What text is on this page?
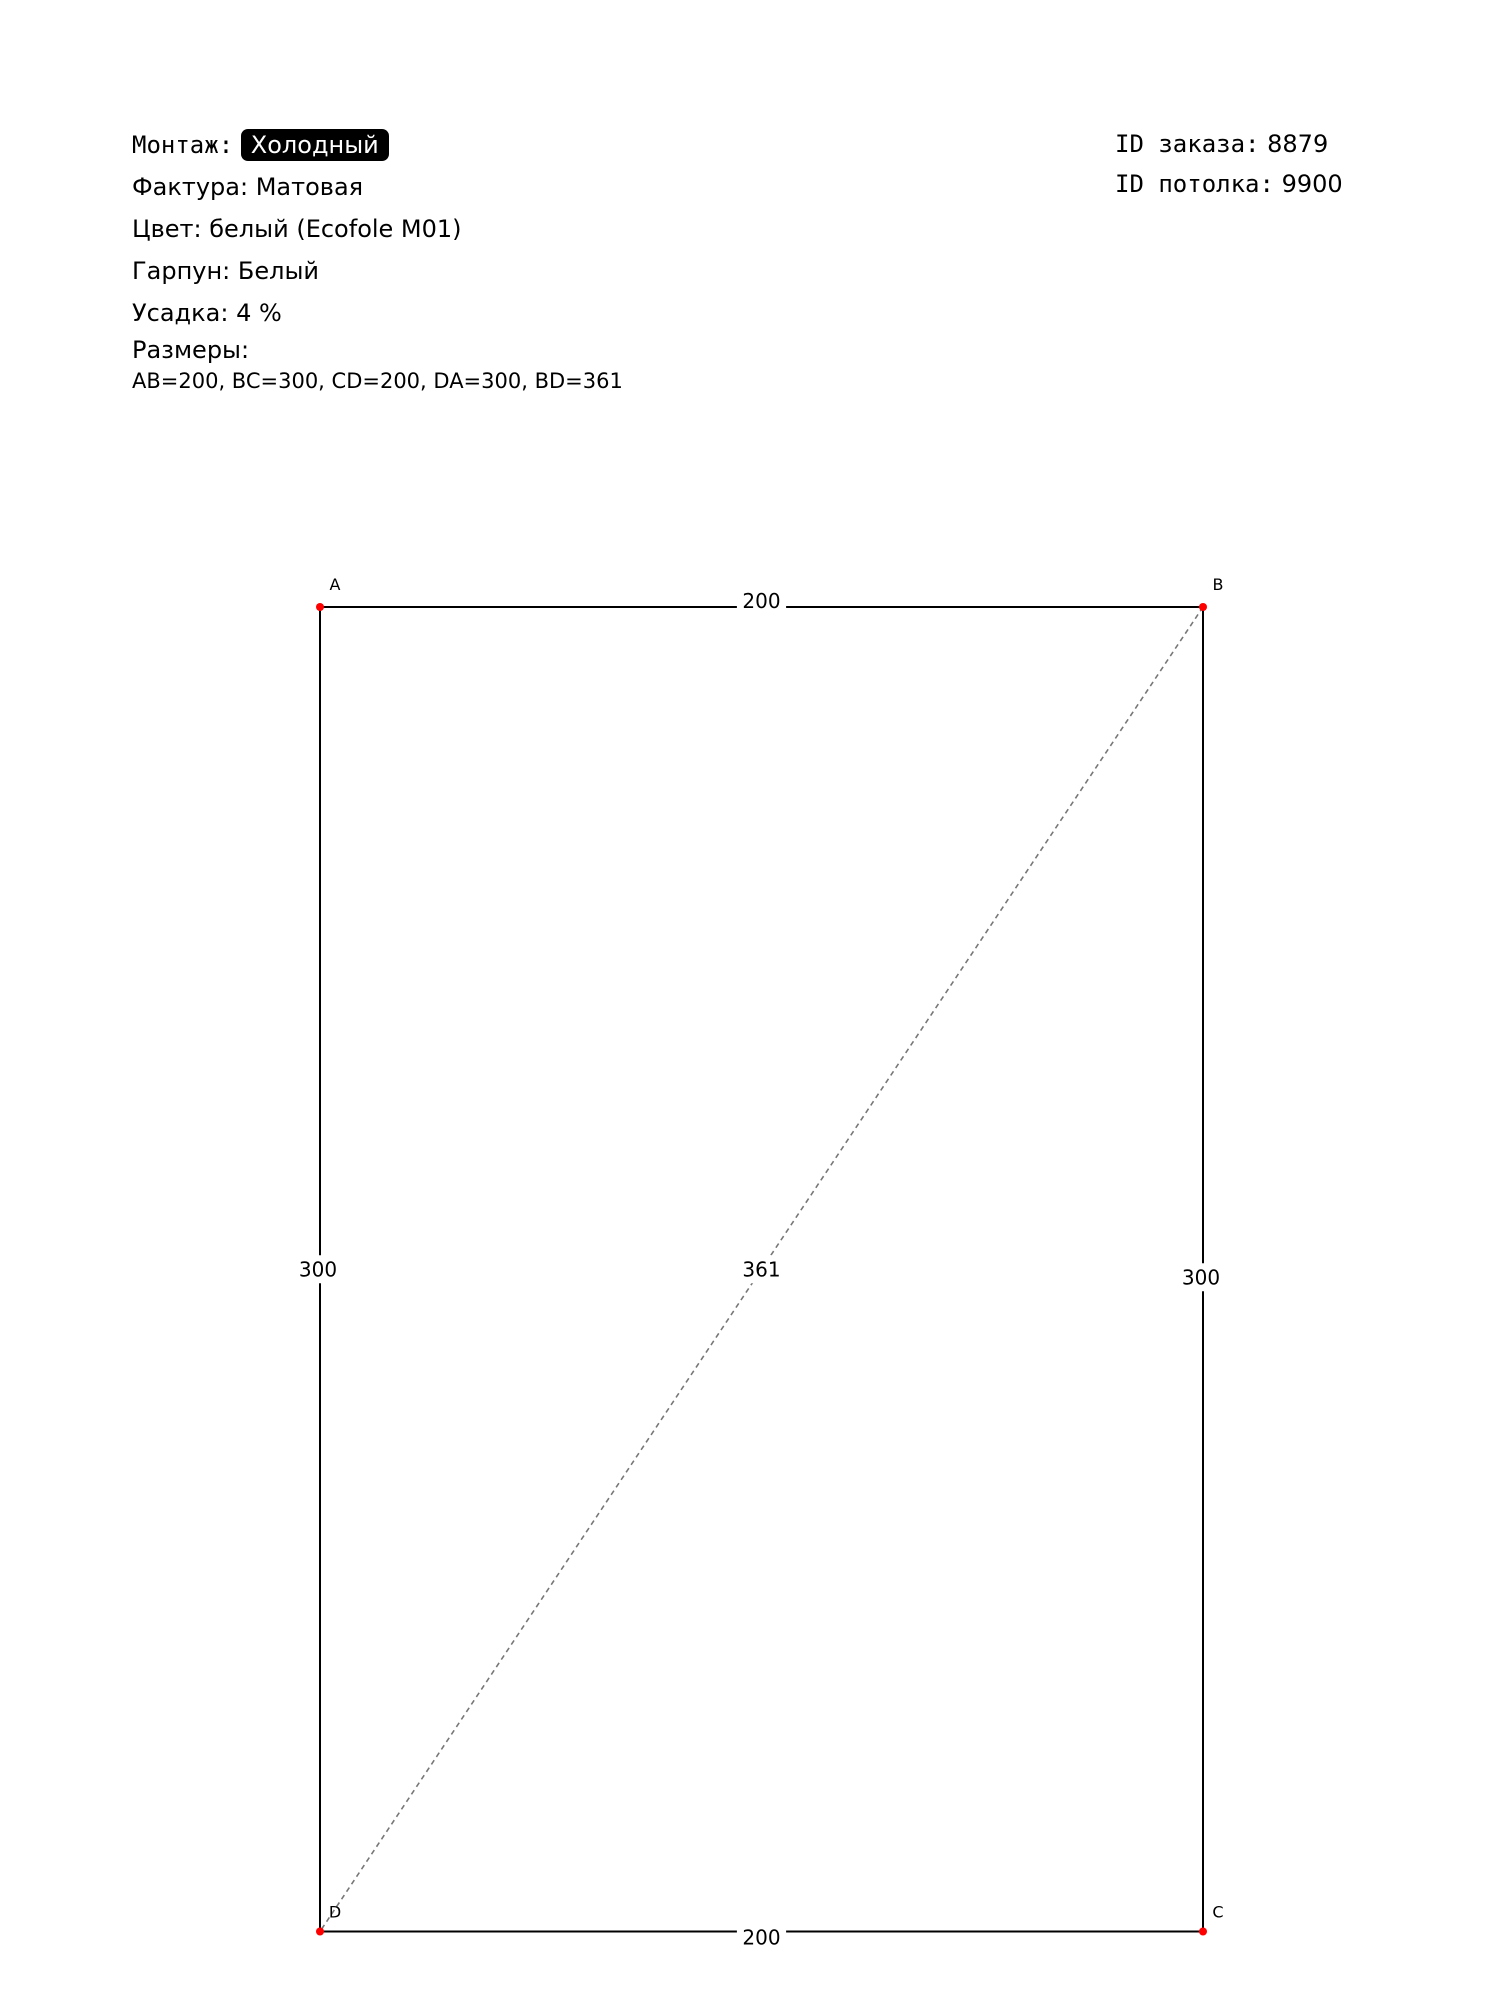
Монтаж: Холодный
Фактура: Матовая
Цвет: белый (Ecofole M01)
Гарпун: Белый
Усадка: 4 %
Размеры:
AB=200, BC=300, CD=200, DA=300, BD=361
ID заказа: 8879
ID потолка: 9900
200
300
200
300	361
A	B
C
D
